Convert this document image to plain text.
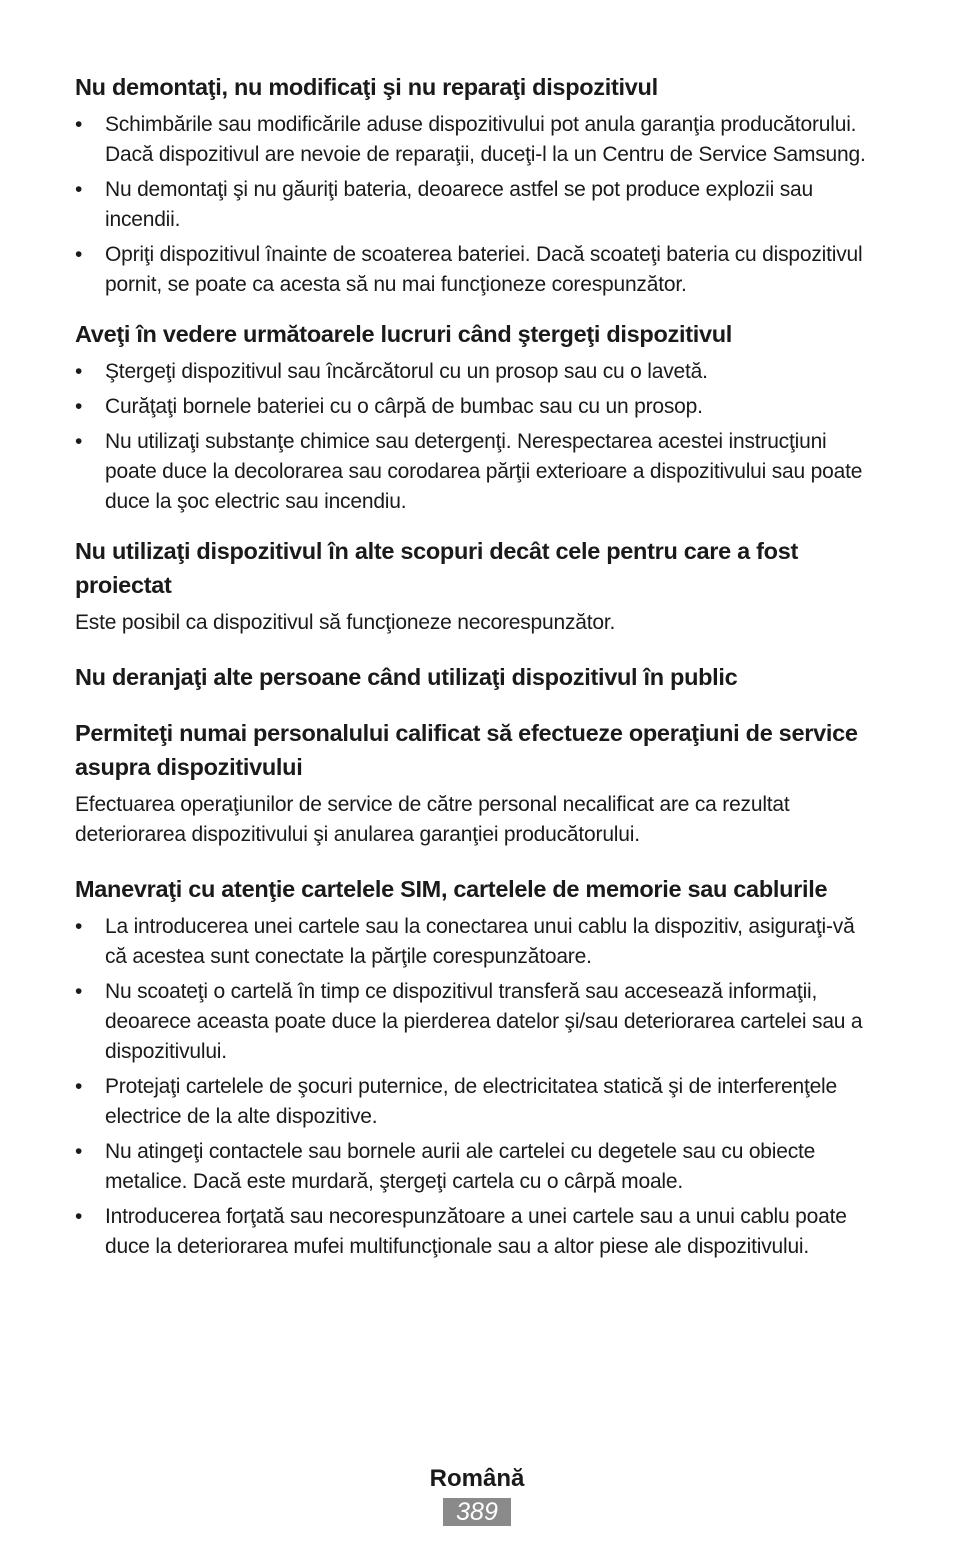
Nu demontaţi, nu modificaţi şi nu reparaţi dispozitivul
•	Schimbările sau modificările aduse dispozitivului pot anula garanţia producătorului. Dacă dispozitivul are nevoie de reparaţii, duceţi-l la un Centru de Service Samsung.
•	Nu demontaţi şi nu găuriţi bateria, deoarece astfel se pot produce explozii sau incendii.
•	Opriţi dispozitivul înainte de scoaterea bateriei. Dacă scoateţi bateria cu dispozitivul pornit, se poate ca acesta să nu mai funcţioneze corespunzător.
Aveţi în vedere următoarele lucruri când ştergeţi dispozitivul
•	Ştergeţi dispozitivul sau încărcătorul cu un prosop sau cu o lavetă.
•	Curăţaţi bornele bateriei cu o cârpă de bumbac sau cu un prosop.
•	Nu utilizaţi substanţe chimice sau detergenţi. Nerespectarea acestei instrucţiuni poate duce la decolorarea sau corodarea părţii exterioare a dispozitivului sau poate duce la şoc electric sau incendiu.
Nu utilizaţi dispozitivul în alte scopuri decât cele pentru care a fost proiectat

Este posibil ca dispozitivul să funcţioneze necorespunzător.

Nu deranjaţi alte persoane când utilizaţi dispozitivul în public
Permiteţi numai personalului calificat să efectueze operaţiuni de service asupra dispozitivului

Efectuarea operaţiunilor de service de către personal necalificat are ca rezultat deteriorarea dispozitivului şi anularea garanţiei producătorului.

Manevraţi cu atenţie cartelele SIM, cartelele de memorie sau cablurile
•	La introducerea unei cartele sau la conectarea unui cablu la dispozitiv, asiguraţi-vă că acestea sunt conectate la părţile corespunzătoare.
•	Nu scoateţi o cartelă în timp ce dispozitivul transferă sau accesează informaţii, deoarece aceasta poate duce la pierderea datelor şi/sau deteriorarea cartelei sau a dispozitivului.
•	Protejaţi cartelele de şocuri puternice, de electricitatea statică şi de interferenţele electrice de la alte dispozitive.
•	Nu atingeţi contactele sau bornele aurii ale cartelei cu degetele sau cu obiecte metalice. Dacă este murdară, ştergeţi cartela cu o cârpă moale.
•	Introducerea forţată sau necorespunzătoare a unei cartele sau a unui cablu poate duce la deteriorarea mufei multifuncţionale sau a altor piese ale dispozitivului.
Română
389
